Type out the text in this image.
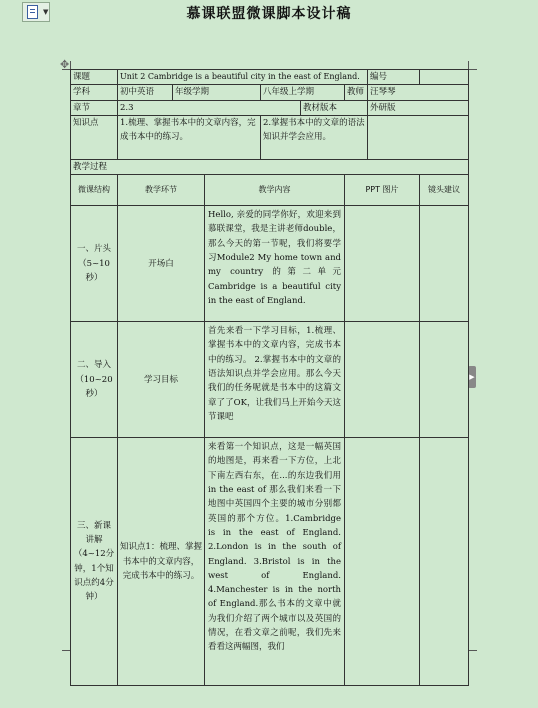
▼	慕课联盟微课脚本设计稿
✥
▶
课题	Unit 2 Cambridge is a beautiful city in the east of England.						编号	
学科	初中英语	年级学期		八年级上学期		教师	汪琴琴	
章节	2.3				教材版本		外研版	
知识点	1.梳理、掌握书本中的文章内容，完成书本中的练习。			2.掌握书本中的文章的语法知识并学会应用。				
教学过程								
微课结构	教学环节		教学内容			PPT 图片		镜头建议
一、片头（5~10秒）	开场白		Hello, 亲爱的同学你好，欢迎来到慕联课堂，我是主讲老师double，那么今天的第一节呢，我们将要学习Module2 My home town and my country 的第二单元　Cambridge is a beautiful city in the east of England.					
二、导入（10~20秒）	学习目标		首先来看一下学习目标，1.梳理、掌握书本中的文章内容，完成书本中的练习。 2.掌握书本中的文章的语法知识点并学会应用。那么今天我们的任务呢就是书本中的这篇文章了了OK，让我们马上开始今天这节课吧					
三、新课讲解（4~12分钟，1个知识点约4分钟）	知识点1：梳理、掌握书本中的文章内容，完成书本中的练习。		来看第一个知识点，这是一幅英国的地图是，再来看一下方位，上北下南左西右东，在...的东边我们用 in the east of 那么我们来看一下地图中英国四个主要的城市分别都英国的那个方位。1.Cambridge is in the east of England. 2.London is in the south of England. 3.Bristol is in the west of England. 4.Manchester is in the north of England.那么书本的文章中就为我们介绍了两个城市以及英国的情况，在看文章之前呢，我们先来看看这两幅图，我们					
